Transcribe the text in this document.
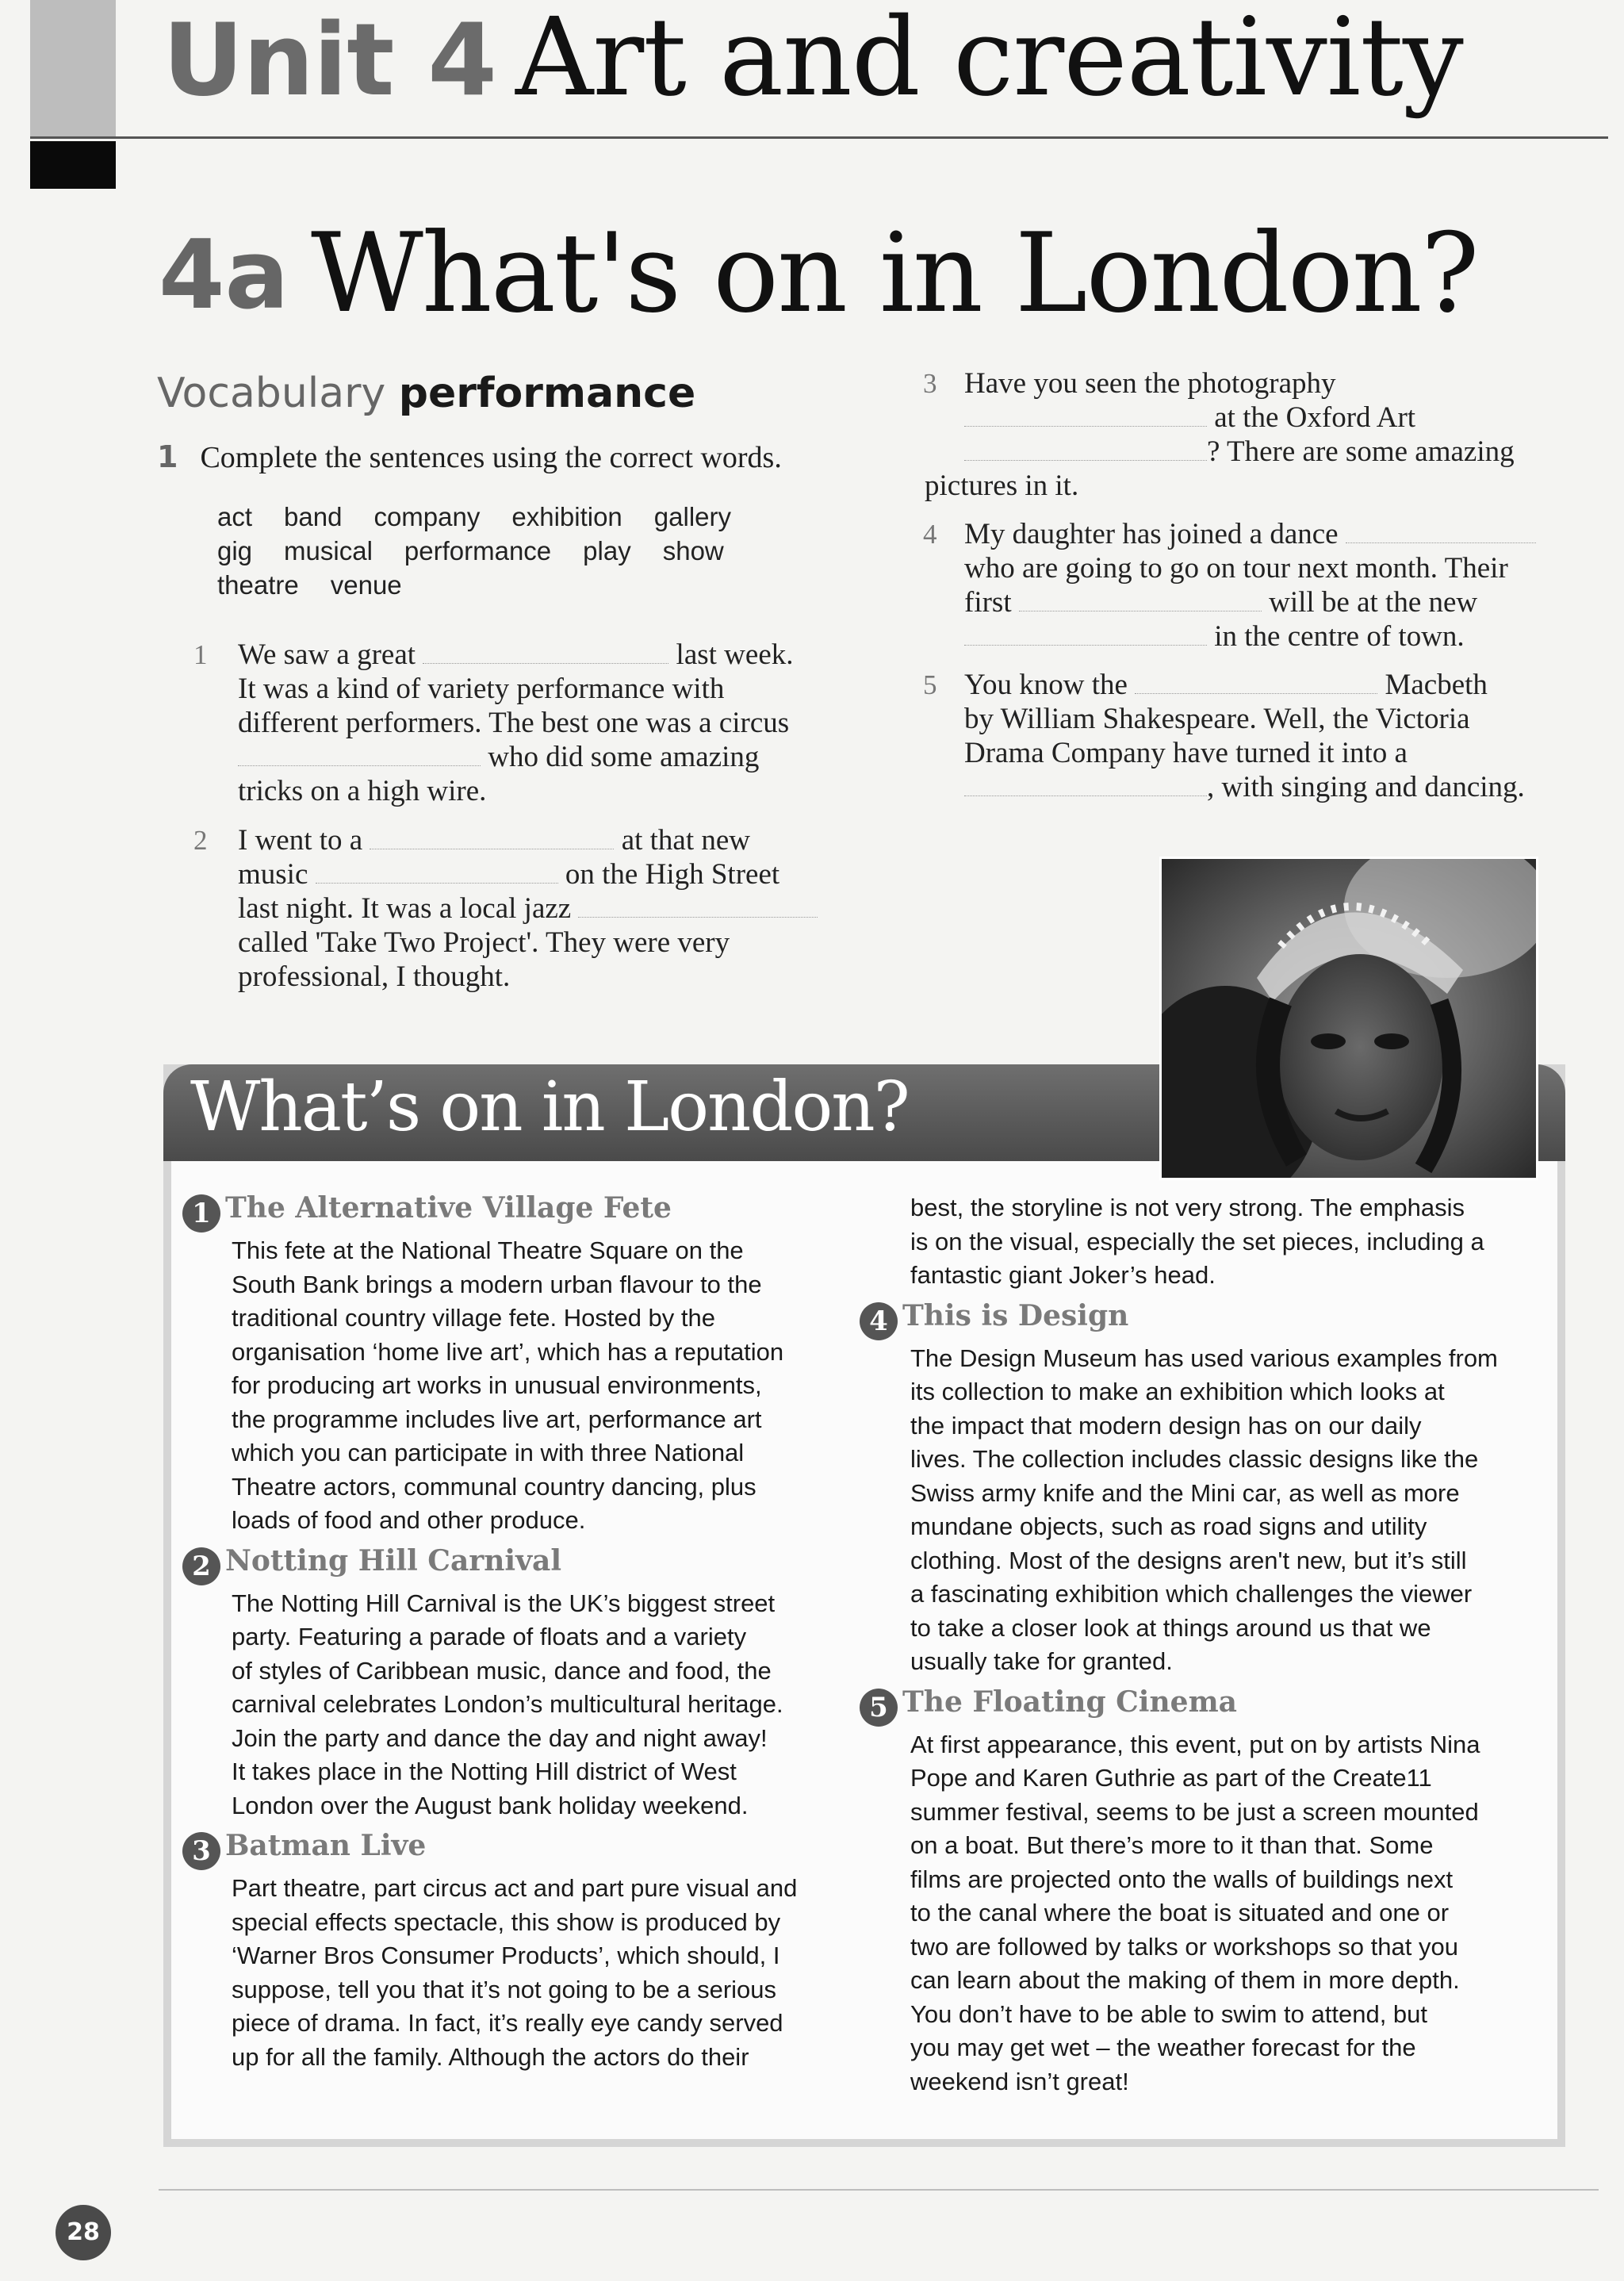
Unit 4 Art and creativity
4a What's on in London?
Vocabulary performance
1 Complete the sentences using the correct words.
act band company exhibition gallery
gig musical performance play show
theatre venue
1 We saw a great	last week.
It was a kind of variety performance with
different performers. The best one was a circus
who did some amazing
tricks on a high wire.
2 I went to a	at that new
music	on the High Street
last night. It was a local jazz
called 'Take Two Project'. They were very
professional, I thought.
3 Have you seen the photography
at the Oxford Art
? There are some amazing
pictures in it.
4 My daughter has joined a dance
who are going to go on tour next month. Their
first	will be at the new
in the centre of town.
5 You know the	Macbeth
by William Shakespeare. Well, the Victoria
Drama Company have turned it into a
, with singing and dancing.
What’s on in London?
1 The Alternative Village Fete
This fete at the National Theatre Square on the
South Bank brings a modern urban flavour to the
traditional country village fete. Hosted by the
organisation ‘home live art’, which has a reputation
for producing art works in unusual environments,
the programme includes live art, performance art
which you can participate in with three National
Theatre actors, communal country dancing, plus
loads of food and other produce.
2 Notting Hill Carnival
The Notting Hill Carnival is the UK’s biggest street
party. Featuring a parade of floats and a variety
of styles of Caribbean music, dance and food, the
carnival celebrates London’s multicultural heritage.
Join the party and dance the day and night away!
It takes place in the Notting Hill district of West
London over the August bank holiday weekend.
3 Batman Live
Part theatre, part circus act and part pure visual and
special effects spectacle, this show is produced by
‘Warner Bros Consumer Products’, which should, I
suppose, tell you that it’s not going to be a serious
piece of drama. In fact, it’s really eye candy served
up for all the family. Although the actors do their
best, the storyline is not very strong. The emphasis
is on the visual, especially the set pieces, including a
fantastic giant Joker’s head.
4 This is Design
The Design Museum has used various examples from
its collection to make an exhibition which looks at
the impact that modern design has on our daily
lives. The collection includes classic designs like the
Swiss army knife and the Mini car, as well as more
mundane objects, such as road signs and utility
clothing. Most of the designs aren't new, but it’s still
a fascinating exhibition which challenges the viewer
to take a closer look at things around us that we
usually take for granted.
5 The Floating Cinema
At first appearance, this event, put on by artists Nina
Pope and Karen Guthrie as part of the Create11
summer festival, seems to be just a screen mounted
on a boat. But there’s more to it than that. Some
films are projected onto the walls of buildings next
to the canal where the boat is situated and one or
two are followed by talks or workshops so that you
can learn about the making of them in more depth.
You don’t have to be able to swim to attend, but
you may get wet – the weather forecast for the
weekend isn’t great!
28
